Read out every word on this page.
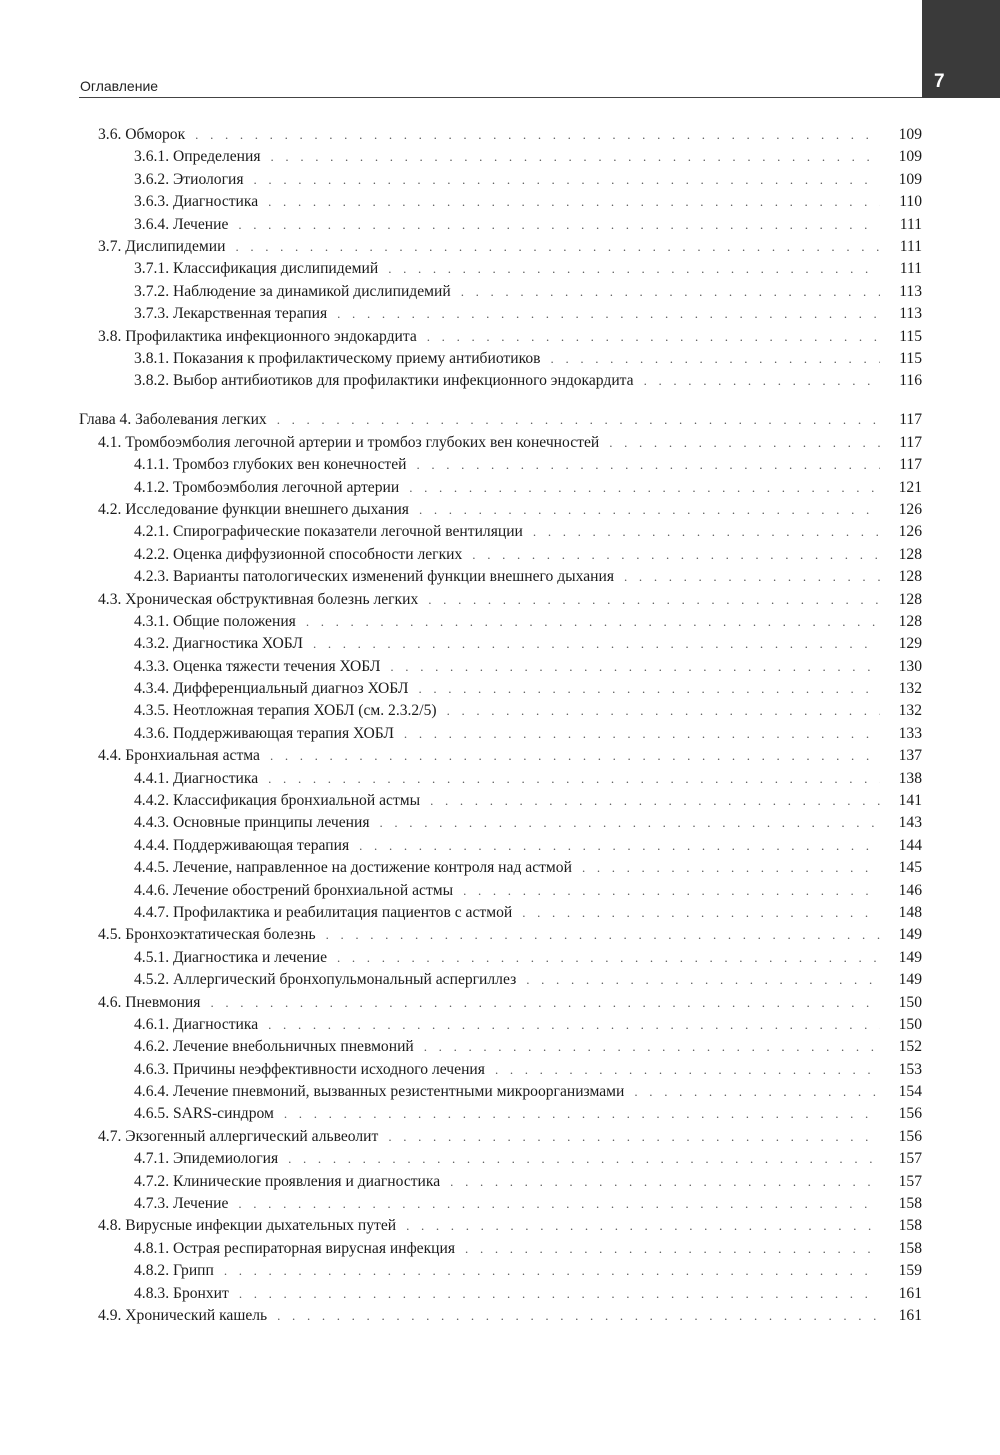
7
Оглавление
3.6. Обморок . . .	109
3.6.1. Определения . . .	109
3.6.2. Этиология . . .	109
3.6.3. Диагностика . . .	110
3.6.4. Лечение . . .	111
3.7. Дислипидемии . . .	111
3.7.1. Классификация дислипидемий . . .	111
3.7.2. Наблюдение за динамикой дислипидемий . . .	113
3.7.3. Лекарственная терапия . . .	113
3.8. Профилактика инфекционного эндокардита . . .	115
3.8.1. Показания к профилактическому приему антибиотиков . . .	115
3.8.2. Выбор антибиотиков для профилактики инфекционного эндокардита . . .	116
Глава 4. Заболевания легких . . .	117
4.1. Тромбоэмболия легочной артерии и тромбоз глубоких вен конечностей . . .	117
4.1.1. Тромбоз глубоких вен конечностей . . .	117
4.1.2. Тромбоэмболия легочной артерии . . .	121
4.2. Исследование функции внешнего дыхания . . .	126
4.2.1. Спирографические показатели легочной вентиляции . . .	126
4.2.2. Оценка диффузионной способности легких . . .	128
4.2.3. Варианты патологических изменений функции внешнего дыхания . . .	128
4.3. Хроническая обструктивная болезнь легких . . .	128
4.3.1. Общие положения . . .	128
4.3.2. Диагностика ХОБЛ . . .	129
4.3.3. Оценка тяжести течения ХОБЛ . . .	130
4.3.4. Дифференциальный диагноз ХОБЛ . . .	132
4.3.5. Неотложная терапия ХОБЛ (см. 2.3.2/5) . . .	132
4.3.6. Поддерживающая терапия ХОБЛ . . .	133
4.4. Бронхиальная астма . . .	137
4.4.1. Диагностика . . .	138
4.4.2. Классификация бронхиальной астмы . . .	141
4.4.3. Основные принципы лечения . . .	143
4.4.4. Поддерживающая терапия . . .	144
4.4.5. Лечение, направленное на достижение контроля над астмой . . .	145
4.4.6. Лечение обострений бронхиальной астмы . . .	146
4.4.7. Профилактика и реабилитация пациентов с астмой . . .	148
4.5. Бронхоэктатическая болезнь . . .	149
4.5.1. Диагностика и лечение . . .	149
4.5.2. Аллергический бронхопульмональный аспергиллез . . .	149
4.6. Пневмония . . .	150
4.6.1. Диагностика . . .	150
4.6.2. Лечение внебольничных пневмоний . . .	152
4.6.3. Причины неэффективности исходного лечения . . .	153
4.6.4. Лечение пневмоний, вызванных резистентными микроорганизмами . . .	154
4.6.5. SARS-синдром . . .	156
4.7. Экзогенный аллергический альвеолит . . .	156
4.7.1. Эпидемиология . . .	157
4.7.2. Клинические проявления и диагностика . . .	157
4.7.3. Лечение . . .	158
4.8. Вирусные инфекции дыхательных путей . . .	158
4.8.1. Острая респираторная вирусная инфекция . . .	158
4.8.2. Грипп . . .	159
4.8.3. Бронхит . . .	161
4.9. Хронический кашель . . .	161
